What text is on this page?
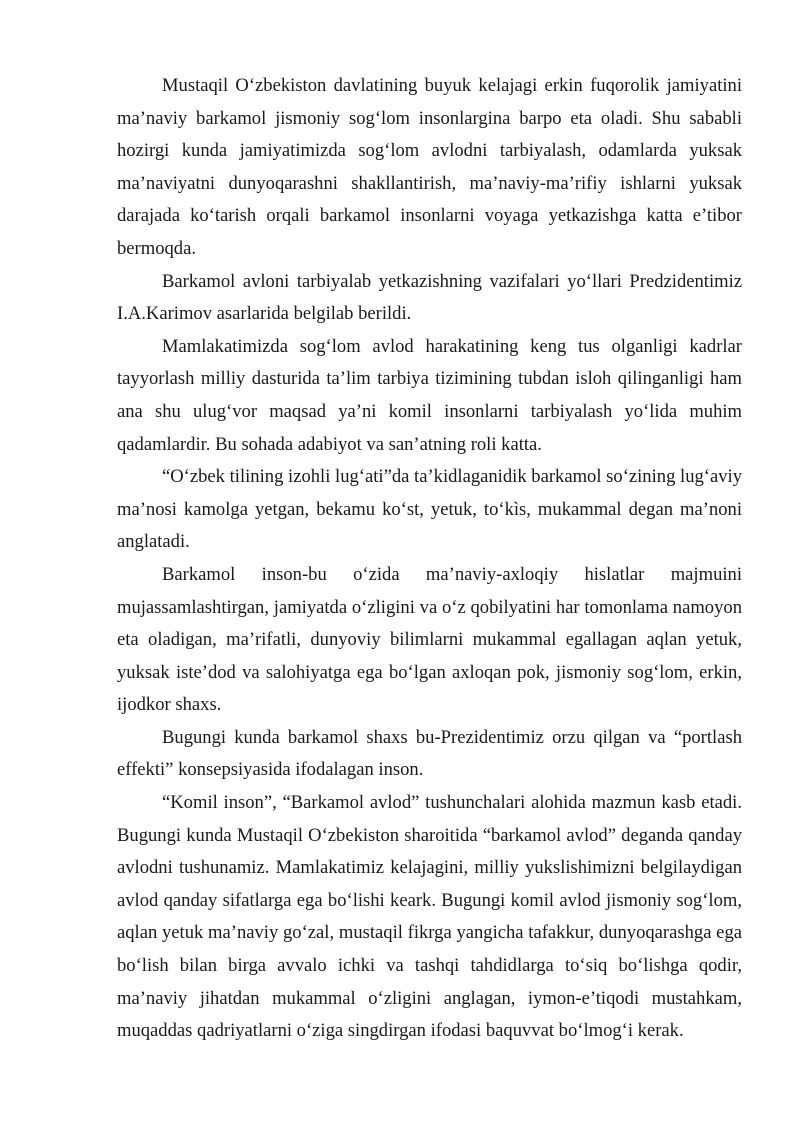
Mustaqil O‘zbekiston davlatining buyuk kelajagi erkin fuqorolik jamiyatini ma’naviy barkamol jismoniy sog‘lom insonlargina barpo eta oladi. Shu sababli hozirgi kunda jamiyatimizda sog‘lom avlodni tarbiyalash, odamlarda yuksak ma’naviyatni dunyoqarashni shakllantirish, ma’naviy-ma’rifiy ishlarni yuksak darajada ko‘tarish orqali barkamol insonlarni voyaga yetkazishga katta e’tibor bermoqda.

Barkamol avloni tarbiyalab yetkazishning vazifalari yo‘llari Predzidentimiz I.A.Karimov asarlarida belgilab berildi.

Mamlakatimizda sog‘lom avlod harakatining keng tus olganligi kadrlar tayyorlash milliy dasturida ta’lim tarbiya tizimining tubdan isloh qilinganligi ham ana shu ulug‘vor maqsad ya’ni komil insonlarni tarbiyalash yo‘lida muhim qadamlardir. Bu sohada adabiyot va san’atning roli katta.

“O‘zbek tilining izohli lug‘ati”da ta’kidlaganidik barkamol so‘zining lug‘aviy ma’nosi kamolga yetgan, bekamu ko‘st, yetuk, to‘kìs, mukammal degan ma’noni anglatadi.

Barkamol inson-bu o‘zida ma’naviy-axloqiy hislatlar majmuini mujassamlashtirgan, jamiyatda o‘zligini va o‘z qobilyatini har tomonlama namoyon eta oladigan, ma’rifatli, dunyoviy bilimlarni mukammal egallagan aqlan yetuk, yuksak iste’dod va salohiyatga ega bo‘lgan axloqan pok, jismoniy sog‘lom, erkin, ijodkor shaxs.

Bugungi kunda barkamol shaxs bu-Prezidentimiz orzu qilgan va “portlash effekti” konsepsiyasida ifodalagan inson.

“Komil inson”, “Barkamol avlod” tushunchalari alohida mazmun kasb etadi. Bugungi kunda Mustaqil O‘zbekiston sharoitida “barkamol avlod” deganda qanday avlodni tushunamiz. Mamlakatimiz kelajagini, milliy yukslishimizni belgilaydigan avlod qanday sifatlarga ega bo‘lishi keark. Bugungi komil avlod jismoniy sog‘lom, aqlan yetuk ma’naviy go‘zal, mustaqil fikrga yangicha tafakkur, dunyoqarashga ega bo‘lish bilan birga avvalo ichki va tashqi tahdidlarga to‘siq bo‘lishga qodir, ma’naviy jihatdan mukammal o‘zligini anglagan, iymon-e’tiqodi mustahkam, muqaddas qadriyatlarni o‘ziga singdirgan ifodasi baquvvat bo‘lmog‘i kerak.
